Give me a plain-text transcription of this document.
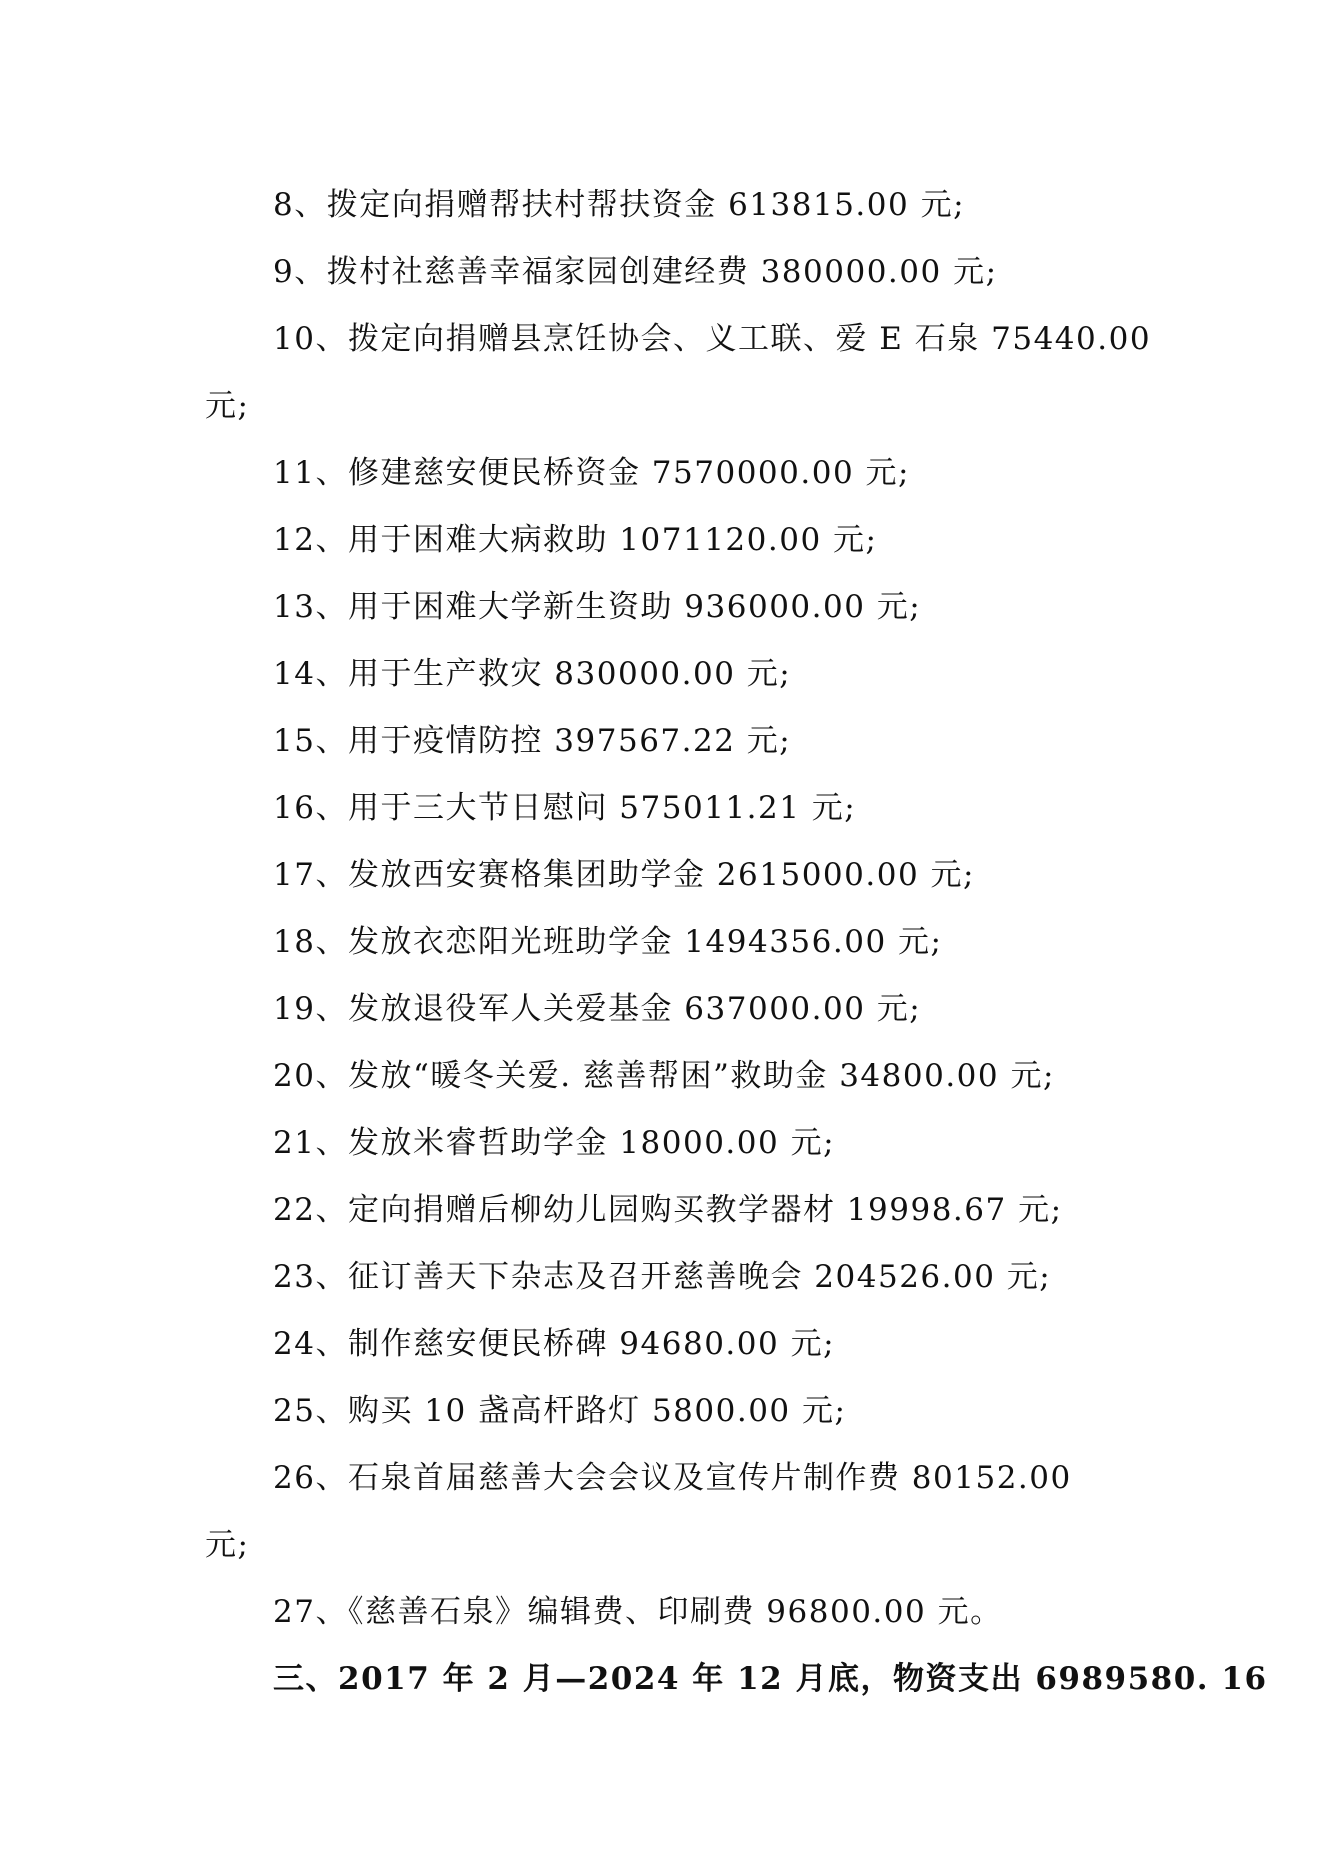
8、拨定向捐赠帮扶村帮扶资金 613815.00 元;
9、拨村社慈善幸福家园创建经费 380000.00 元;
10、拨定向捐赠县烹饪协会、义工联、爱 E 石泉 75440.00
元;
11、修建慈安便民桥资金 7570000.00 元;
12、用于困难大病救助 1071120.00 元;
13、用于困难大学新生资助 936000.00 元;
14、用于生产救灾 830000.00 元;
15、用于疫情防控 397567.22 元;
16、用于三大节日慰问 575011.21 元;
17、发放西安赛格集团助学金 2615000.00 元;
18、发放衣恋阳光班助学金 1494356.00 元;
19、发放退役军人关爱基金 637000.00 元;
20、发放“暖冬关爱. 慈善帮困”救助金 34800.00 元;
21、发放米睿哲助学金 18000.00 元;
22、定向捐赠后柳幼儿园购买教学器材 19998.67 元;
23、征订善天下杂志及召开慈善晚会 204526.00 元;
24、制作慈安便民桥碑 94680.00 元;
25、购买 10 盏高杆路灯 5800.00 元;
26、石泉首届慈善大会会议及宣传片制作费 80152.00
元;
27、《慈善石泉》编辑费、印刷费 96800.00 元。
三、2017 年 2 月—2024 年 12 月底，物资支出 6989580. 16
